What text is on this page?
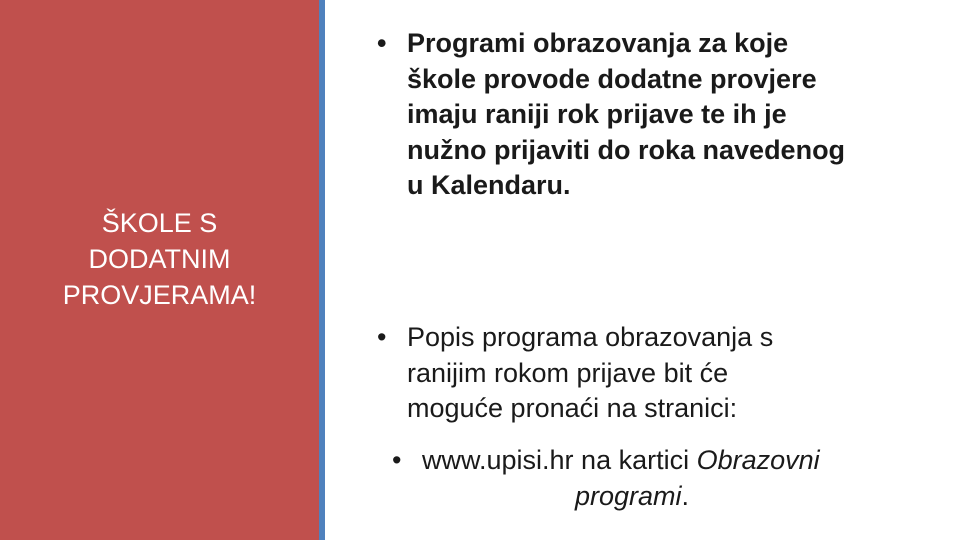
ŠKOLE S
DODATNIM
PROVJERAMA!
• Programi obrazovanja za koje
škole provode dodatne provjere
imaju raniji rok prijave te ih je
nužno prijaviti do roka navedenog
u Kalendaru.
• Popis programa obrazovanja s
ranijim rokom prijave bit će
moguće pronaći na stranici:
• www.upisi.hr na kartici Obrazovni
programi.
